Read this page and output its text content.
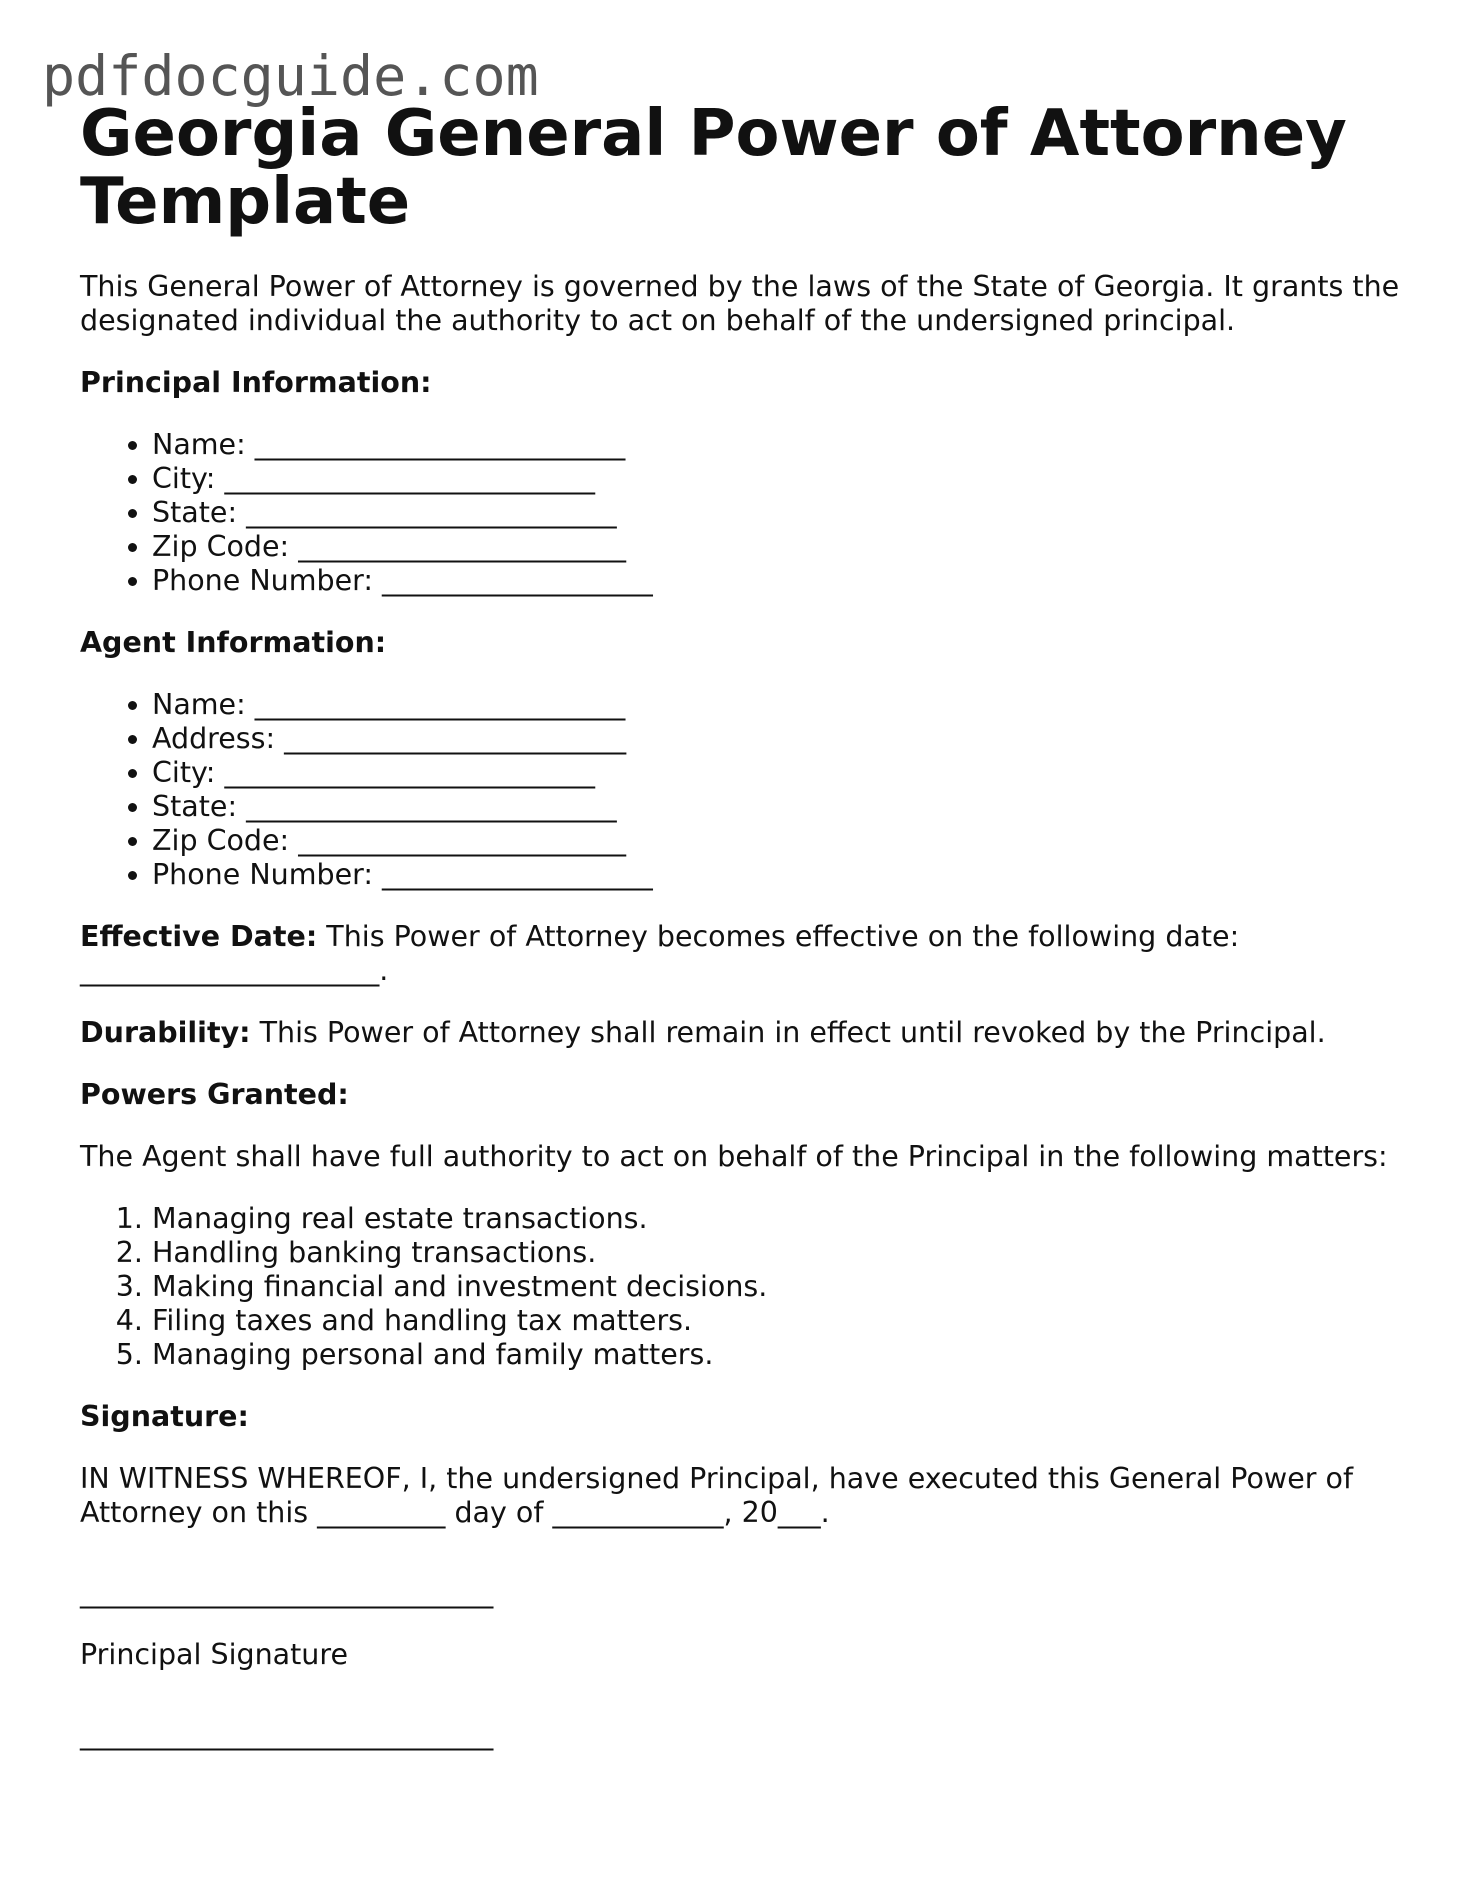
pdfdocguide.com
Georgia General Power of Attorney Template

This General Power of Attorney is governed by the laws of the State of Georgia. It grants the designated individual the authority to act on behalf of the undersigned principal.

Principal Information:

• Name: __________________________
• City: __________________________
• State: __________________________
• Zip Code: _______________________
• Phone Number: ___________________

Agent Information:

• Name: __________________________
• Address: ________________________
• City: __________________________
• State: __________________________
• Zip Code: _______________________
• Phone Number: ___________________

Effective Date: This Power of Attorney becomes effective on the following date: _____________________.

Durability: This Power of Attorney shall remain in effect until revoked by the Principal.

Powers Granted:

The Agent shall have full authority to act on behalf of the Principal in the following matters:

1. Managing real estate transactions.
2. Handling banking transactions.
3. Making financial and investment decisions.
4. Filing taxes and handling tax matters.
5. Managing personal and family matters.

Signature:

IN WITNESS WHEREOF, I, the undersigned Principal, have executed this General Power of Attorney on this _________ day of ____________, 20___.

_____________________________

Principal Signature

_____________________________
